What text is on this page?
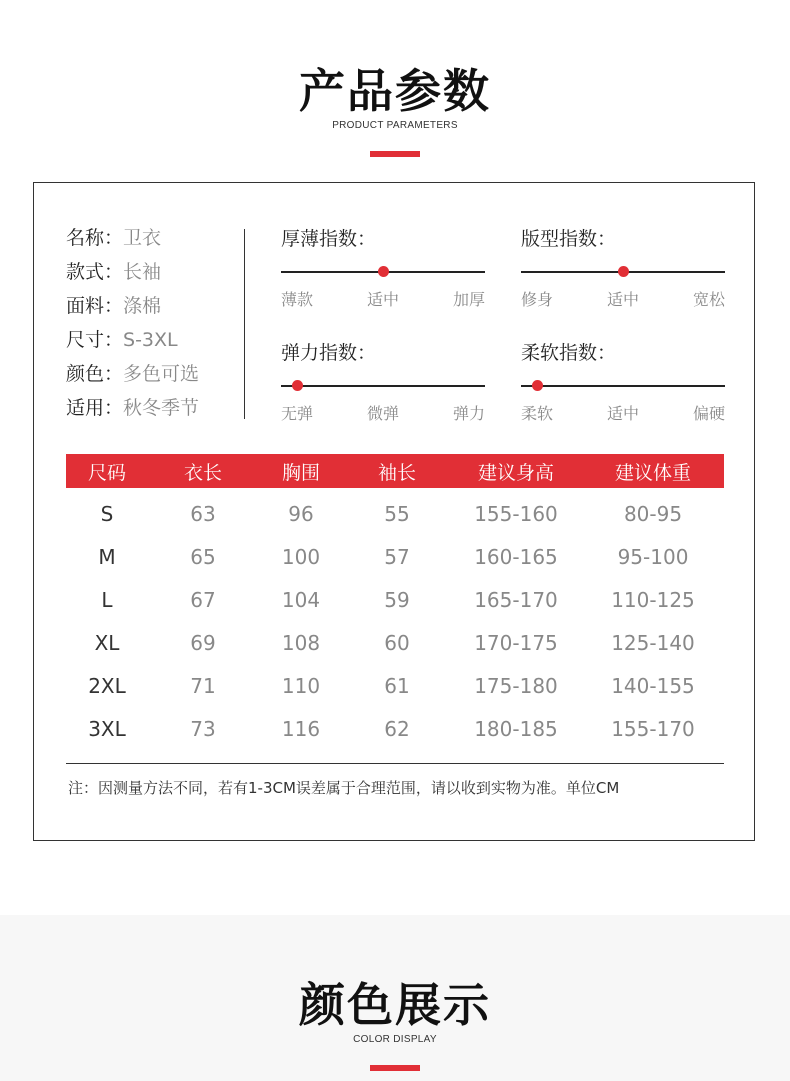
产品参数
PRODUCT PARAMETERS
名称：卫衣
款式：长袖
面料：涤棉
尺寸：S-3XL
颜色：多色可选
适用：秋冬季节
厚薄指数：
薄款	适中	加厚
版型指数：
修身	适中	宽松
弹力指数：
无弹	微弹	弹力
柔软指数：
柔软	适中	偏硬
尺码	衣长	胸围	袖长	建议身高	建议体重
S	63	96	55	155-160	80-95
M	65	100	57	160-165	95-100
L	67	104	59	165-170	110-125
XL	69	108	60	170-175	125-140
2XL	71	110	61	175-180	140-155
3XL	73	116	62	180-185	155-170
注：因测量方法不同，若有1-3CM误差属于合理范围，请以收到实物为准。单位CM
颜色展示
COLOR DISPLAY
